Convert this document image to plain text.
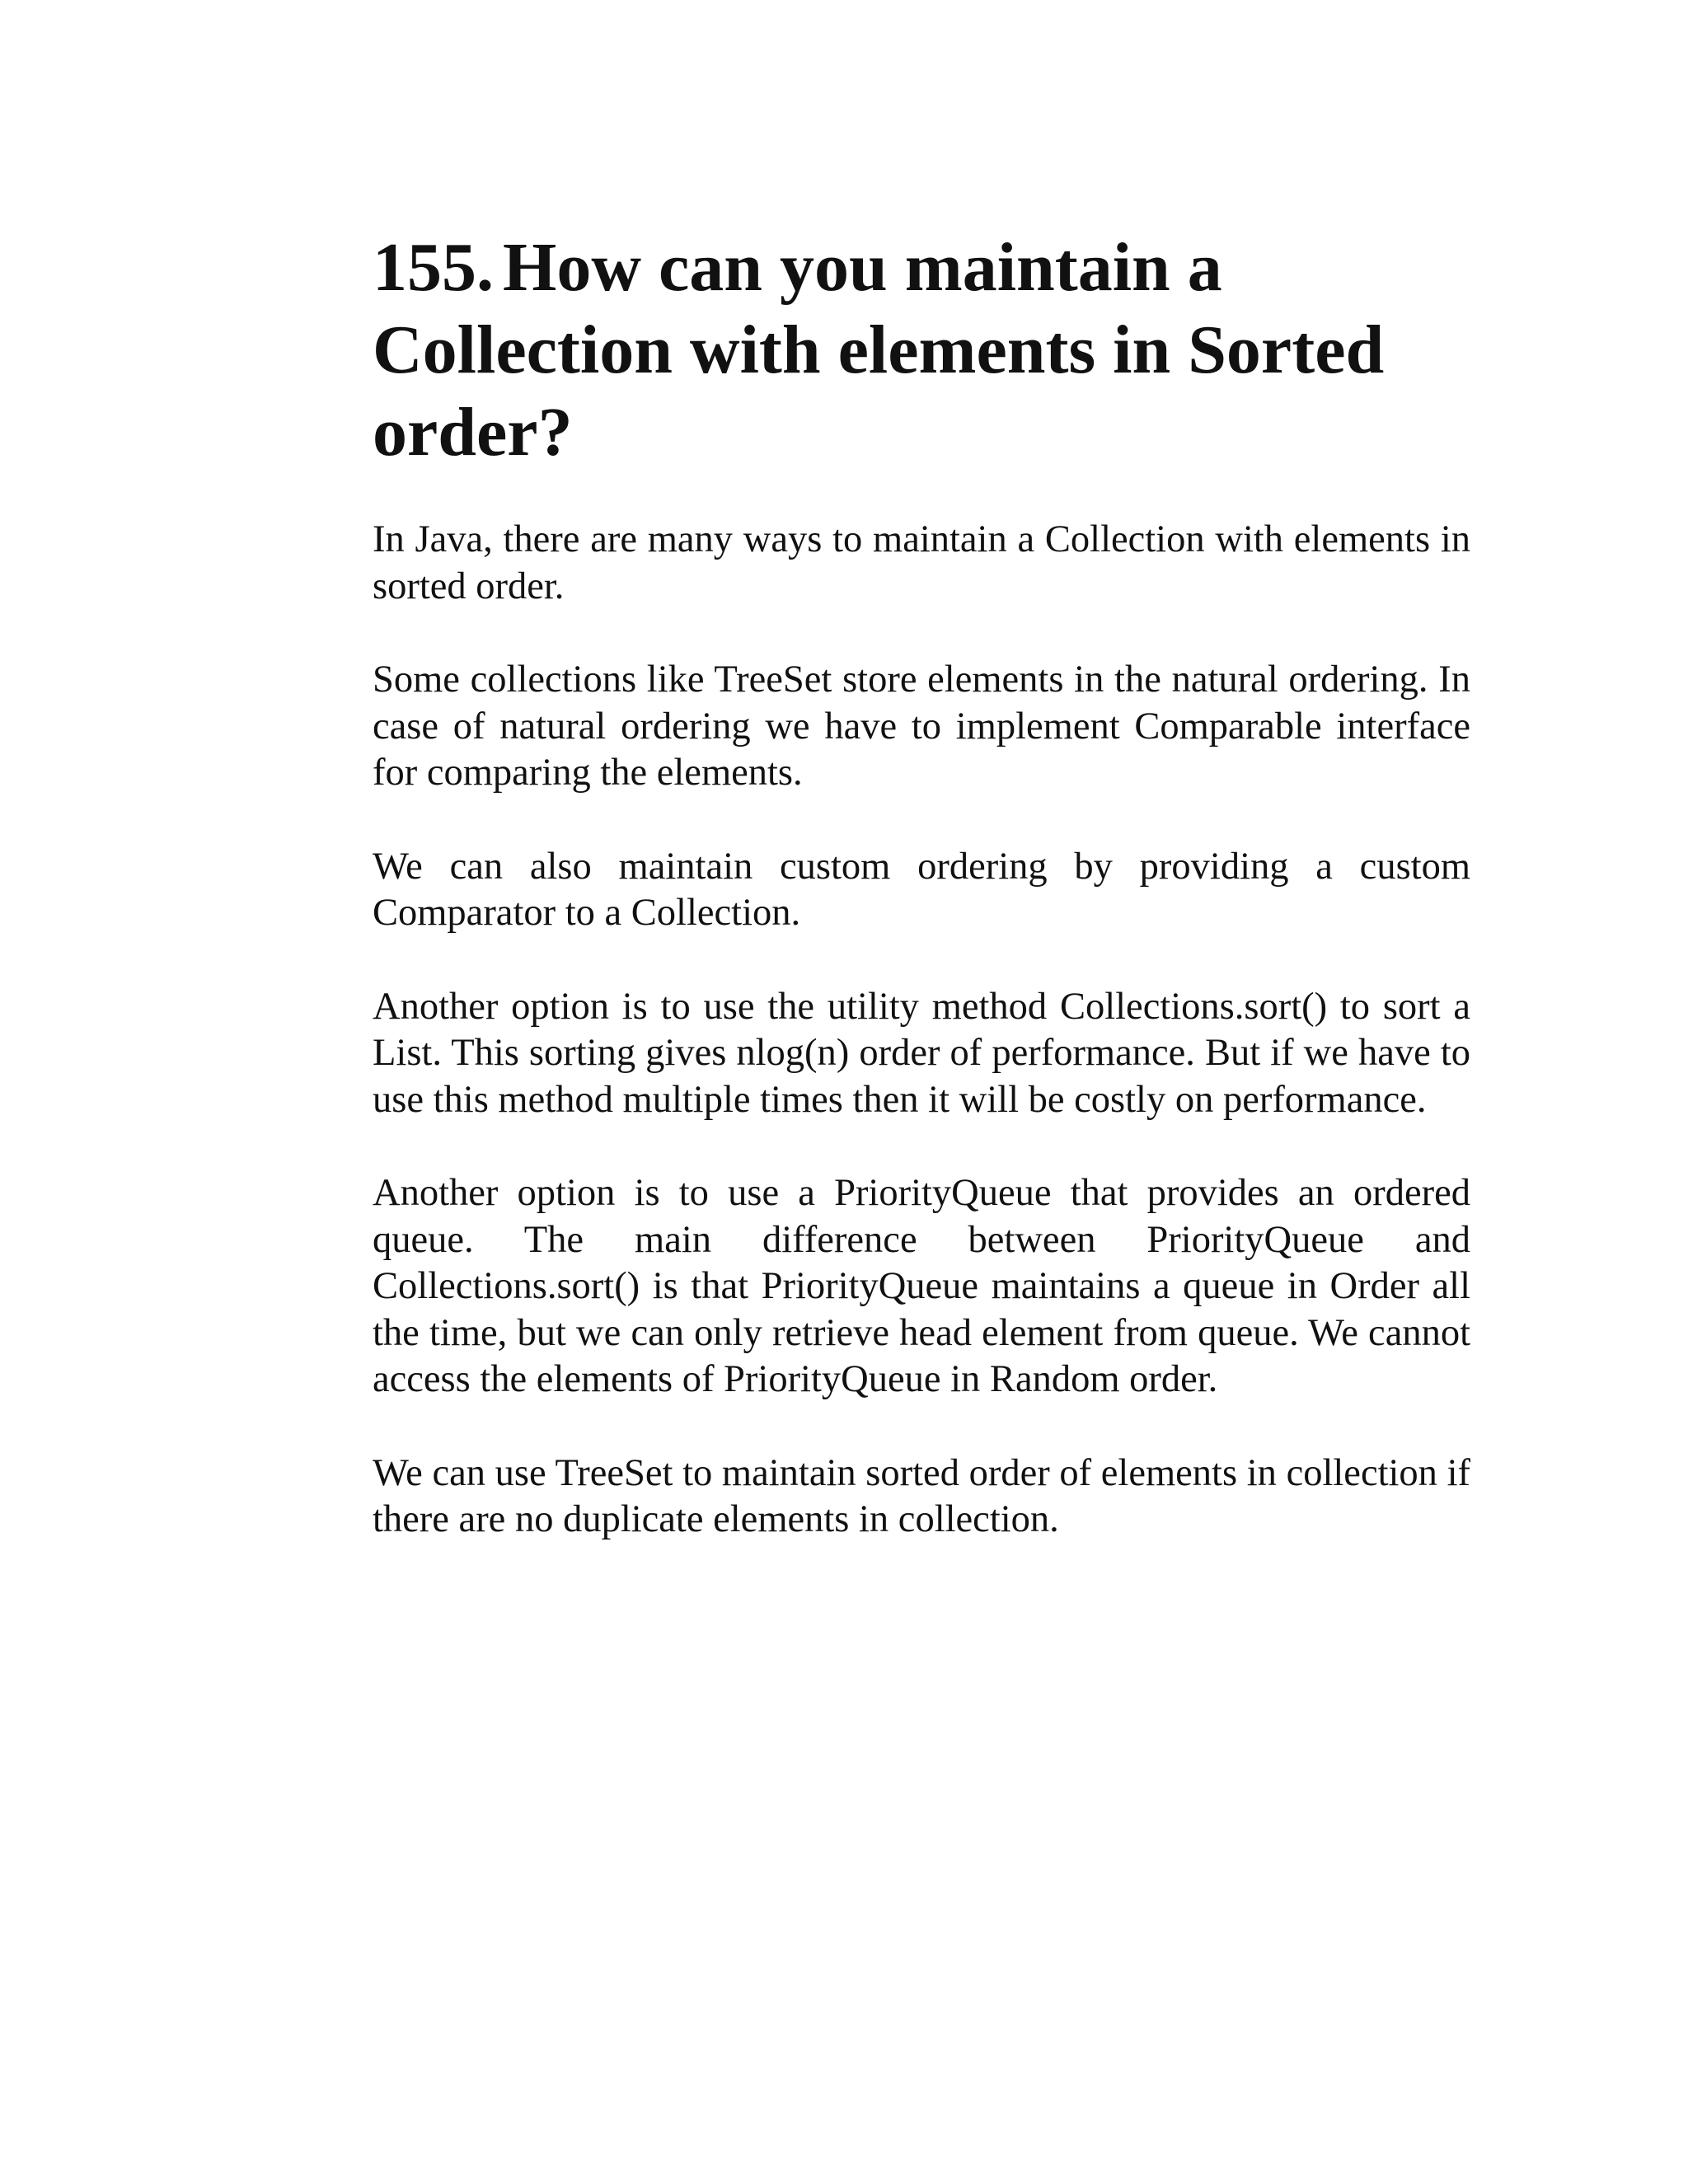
155. How can you maintain a Collection with elements in Sorted order?

In Java, there are many ways to maintain a Collection with elements in sorted order.

Some collections like TreeSet store elements in the natural ordering. In case of natural ordering we have to implement Comparable interface for comparing the elements.

We can also maintain custom ordering by providing a custom Comparator to a Collection.

Another option is to use the utility method Collections.sort() to sort a List. This sorting gives nlog(n) order of performance. But if we have to use this method multiple times then it will be costly on performance.

Another option is to use a PriorityQueue that provides an ordered queue. The main difference between PriorityQueue and Collections.sort() is that PriorityQueue maintains a queue in Order all the time, but we can only retrieve head element from queue. We cannot access the elements of PriorityQueue in Random order.

We can use TreeSet to maintain sorted order of elements in collection if there are no duplicate elements in collection.
